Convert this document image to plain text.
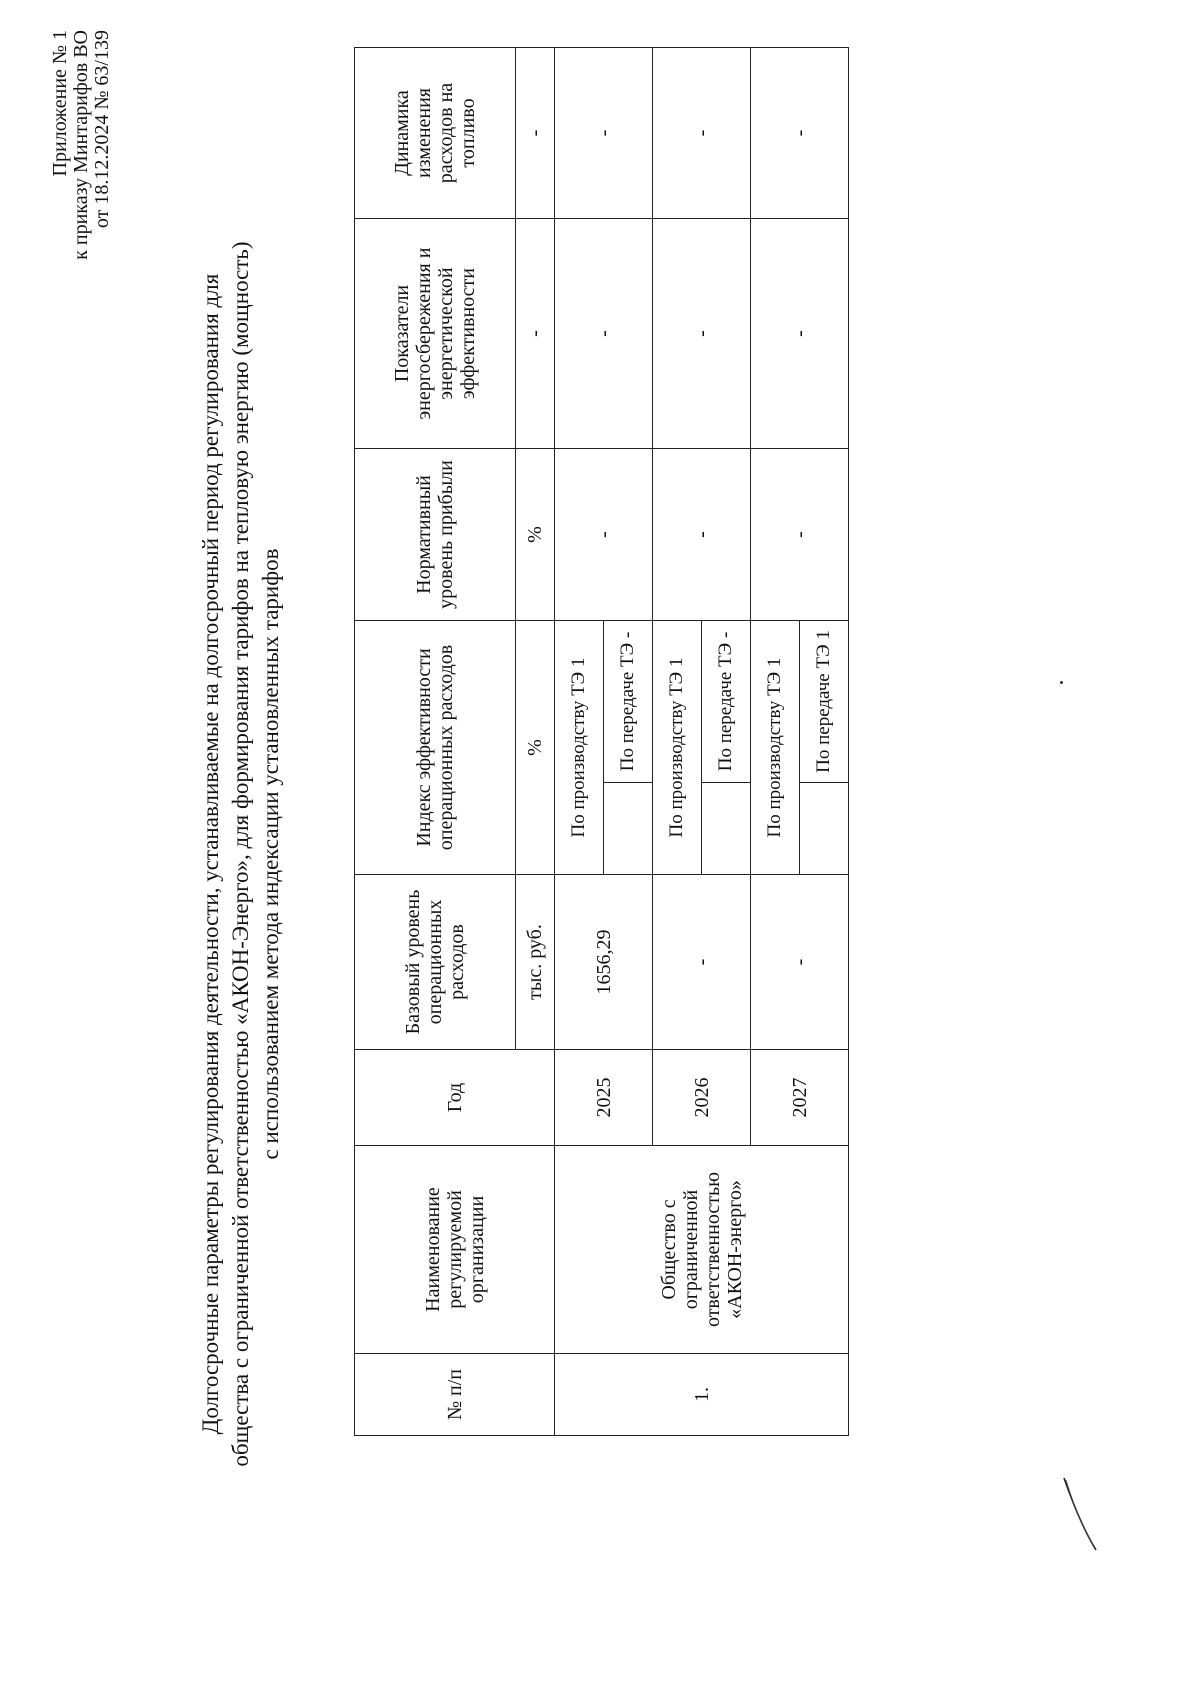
Приложение № 1 к приказу Минтарифов ВО от 18.12.2024 № 63/139
Долгосрочные параметры регулирования деятельности, устанавливаемые на долгосрочный период регулирования для общества с ограниченной ответственностью «АКОН-Энерго», для формирования тарифов на тепловую энергию (мощность) с использованием метода индексации установленных тарифов
№ п/п	Наименование регулируемой организации	Год	Базовый уровень операционных расходов	Индекс эффективности операционных расходов		Нормативный уровень прибыли	Показатели энергосбережения и энергетической эффективности	Динамика изменения расходов на топливо
			тыс. руб.	%		%	-	-
1.	Общество с ограниченной ответственностью «АКОН-энерго»	2025	1656,29	По производству ТЭ 1		-	-	-
					По передаче ТЭ -			
		2026	-	По производству ТЭ 1		-	-	-
					По передаче ТЭ -			
		2027	-	По производству ТЭ 1		-	-	-
					По передаче ТЭ 1			
